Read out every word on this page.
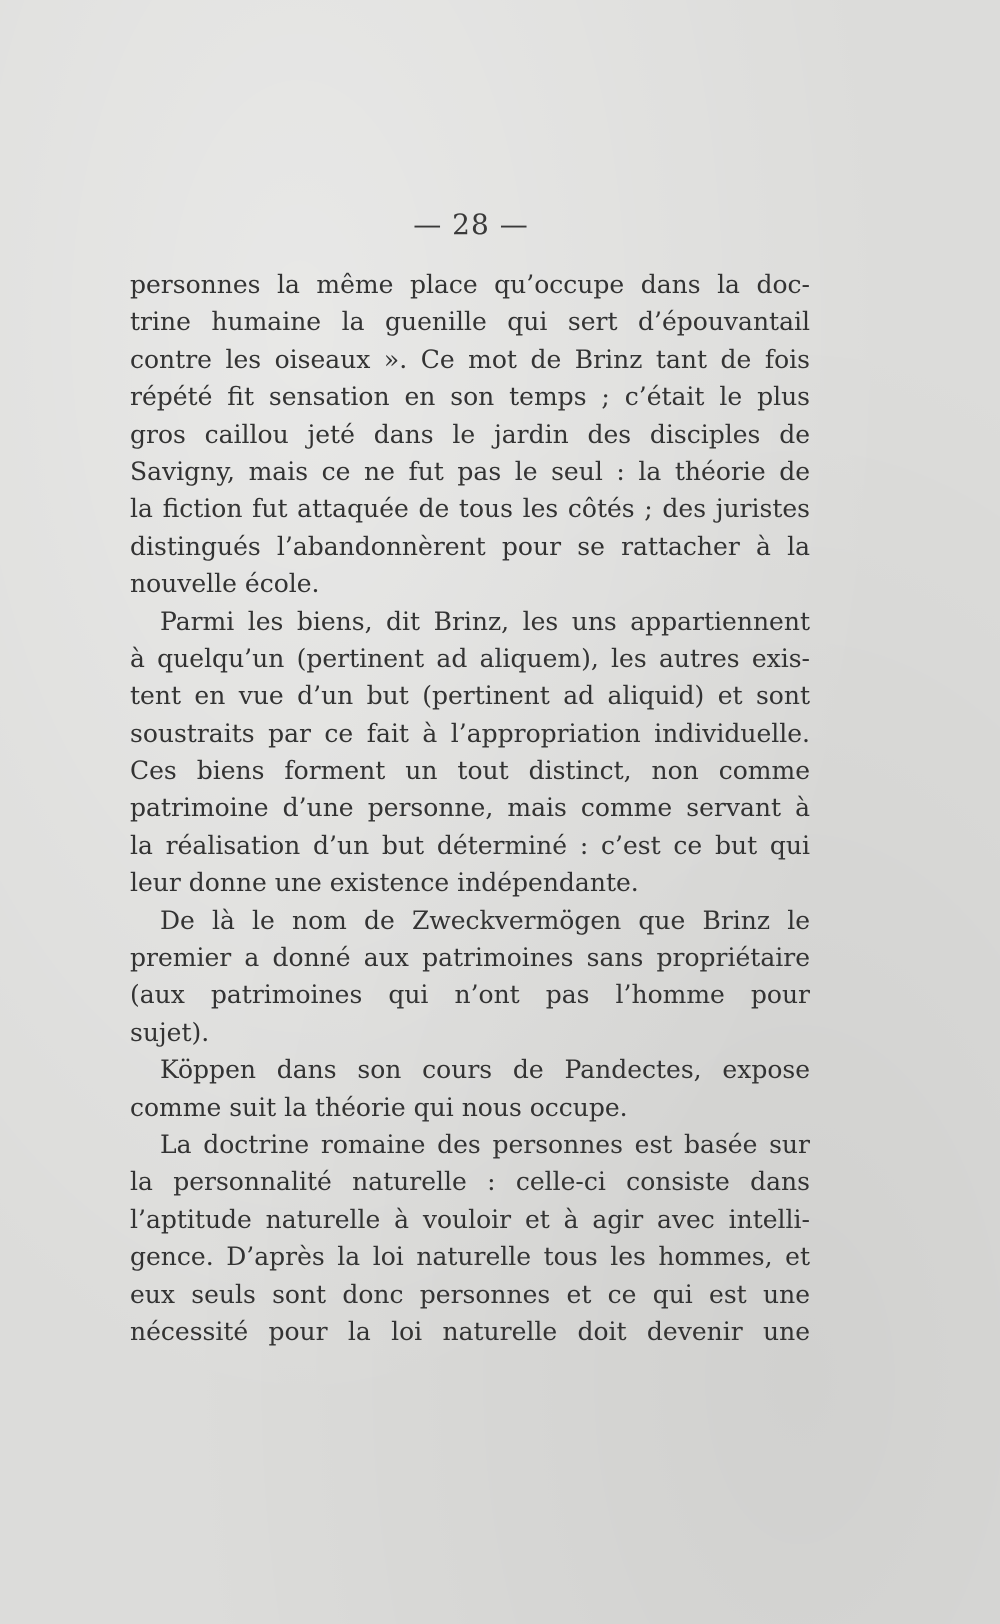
— 28 —
personnes la même place qu’occupe dans la doc-
trine humaine la guenille qui sert d’épouvantail
contre les oiseaux ». Ce mot de Brinz tant de fois
répété fit sensation en son temps ; c’était le plus
gros caillou jeté dans le jardin des disciples de
Savigny, mais ce ne fut pas le seul : la théorie de
la fiction fut attaquée de tous les côtés ; des juristes
distingués l’abandonnèrent pour se rattacher à la
nouvelle école.
Parmi les biens, dit Brinz, les uns appartiennent
à quelqu’un (pertinent ad aliquem), les autres exis-
tent en vue d’un but (pertinent ad aliquid) et sont
soustraits par ce fait à l’appropriation individuelle.
Ces biens forment un tout distinct, non comme
patrimoine d’une personne, mais comme servant à
la réalisation d’un but déterminé : c’est ce but qui
leur donne une existence indépendante.
De là le nom de Zweckvermögen que Brinz le
premier a donné aux patrimoines sans propriétaire
(aux patrimoines qui n’ont pas l’homme pour
sujet).
Köppen dans son cours de Pandectes, expose
comme suit la théorie qui nous occupe.
La doctrine romaine des personnes est basée sur
la personnalité naturelle : celle-ci consiste dans
l’aptitude naturelle à vouloir et à agir avec intelli-
gence. D’après la loi naturelle tous les hommes, et
eux seuls sont donc personnes et ce qui est une
nécessité pour la loi naturelle doit devenir une
